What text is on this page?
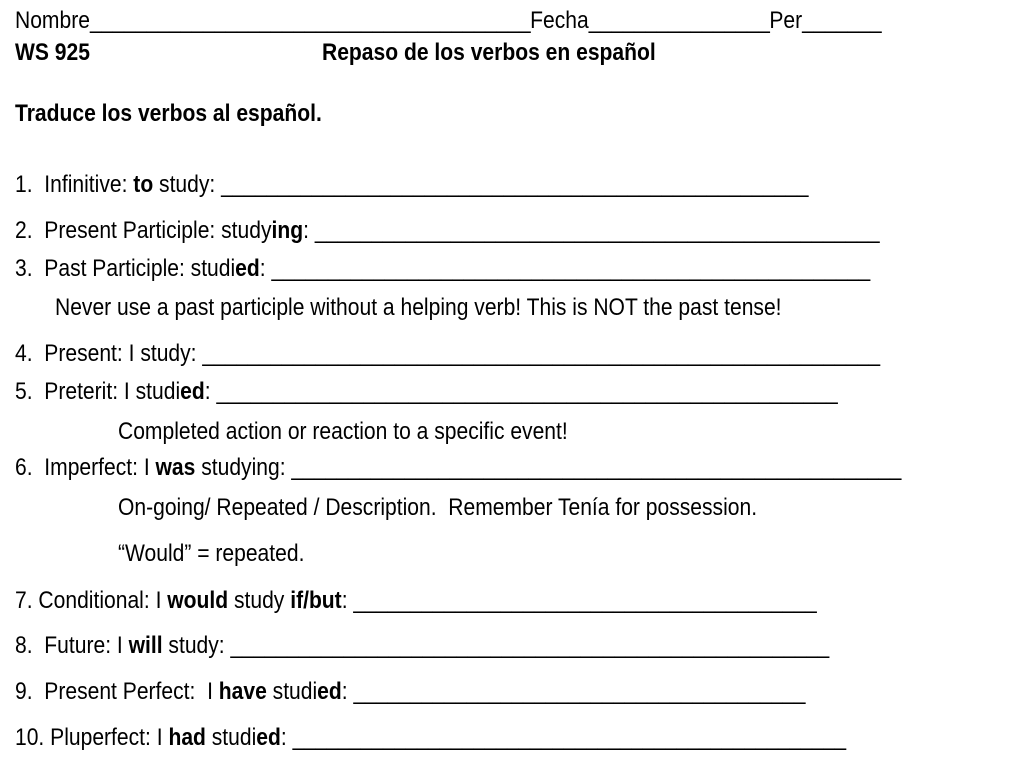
Nombre_______________________________________Fecha________________Per_______
WS 925	Repaso de los verbos en español
Traduce los verbos al español.
1. Infinitive: to study: ____________________________________________________
2. Present Participle: studying: __________________________________________________
3. Past Participle: studied: _____________________________________________________
Never use a past participle without a helping verb! This is NOT the past tense!
4. Present: I study: ____________________________________________________________
5. Preterit: I studied: _______________________________________________________
Completed action or reaction to a specific event!
6. Imperfect: I was studying: ______________________________________________________
On-going/ Repeated / Description.  Remember Tenía for possession.
“Would” = repeated.
7. Conditional: I would study if/but: _________________________________________
8. Future: I will study: _____________________________________________________
9. Present Perfect:  I have studied: ________________________________________
10. Pluperfect: I had studied: _________________________________________________
